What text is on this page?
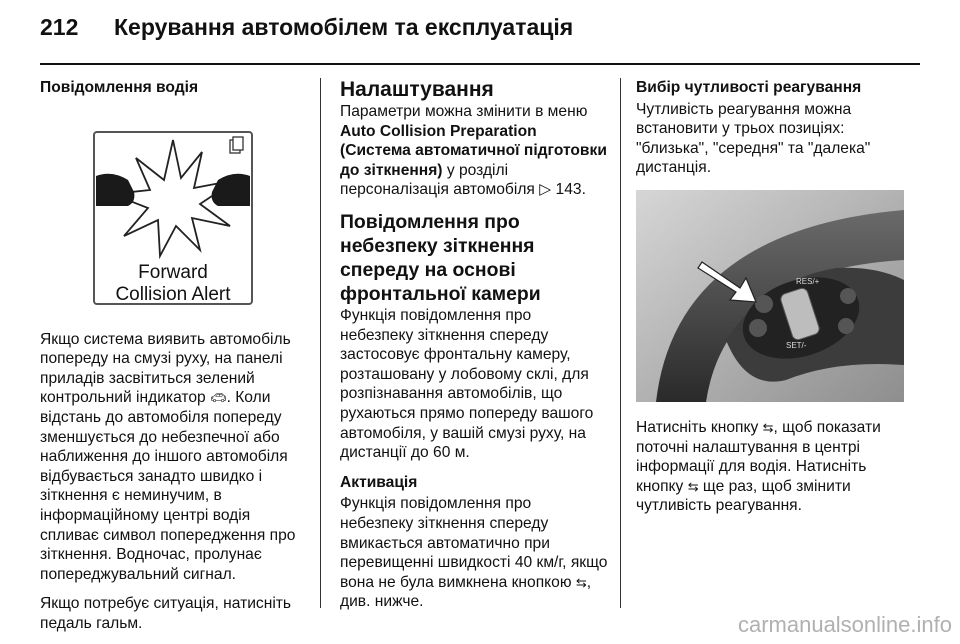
212 Керування автомобілем та експлуатація

Повідомлення водія

Forward
Collision Alert

Якщо система виявить автомобіль попереду на смузі руху, на панелі приладів засвітиться зелений контрольний індикатор 🚗︎. Коли відстань до автомобіля попереду зменшується до небезпечної або наближення до іншого автомобіля відбувається занадто швидко і зіткнення є неминучим, в інформаційному центрі водія спливає символ попередження про зіткнення. Водночас, пролунає попереджувальний сигнал.

Якщо потребує ситуація, натисніть педаль гальм.

Налаштування

Параметри можна змінити в меню Auto Collision Preparation (Система автоматичної підготовки до зіткнення) у розділі персоналізація автомобіля ▷ 143.

Повідомлення про небезпеку зіткнення спереду на основі фронтальної камери

Функція повідомлення про небезпеку зіткнення спереду застосовує фронтальну камеру, розташовану у лобовому склі, для розпізнавання автомобілів, що рухаються прямо попереду вашого автомобіля, у вашій смузі руху, на дистанції до 60 м.

Активація

Функція повідомлення про небезпеку зіткнення спереду вмикається автоматично при перевищенні швидкості 40 км/г, якщо вона не була вимкнена кнопкою ⇆, див. нижче.

Вибір чутливості реагування

Чутливість реагування можна встановити у трьох позиціях: "близька", "середня" та "далека" дистанція.

RES/+
SET/-

Натисніть кнопку ⇆, щоб показати поточні налаштування в центрі інформації для водія. Натисніть кнопку ⇆ ще раз, щоб змінити чутливість реагування.

carmanualsonline.info
